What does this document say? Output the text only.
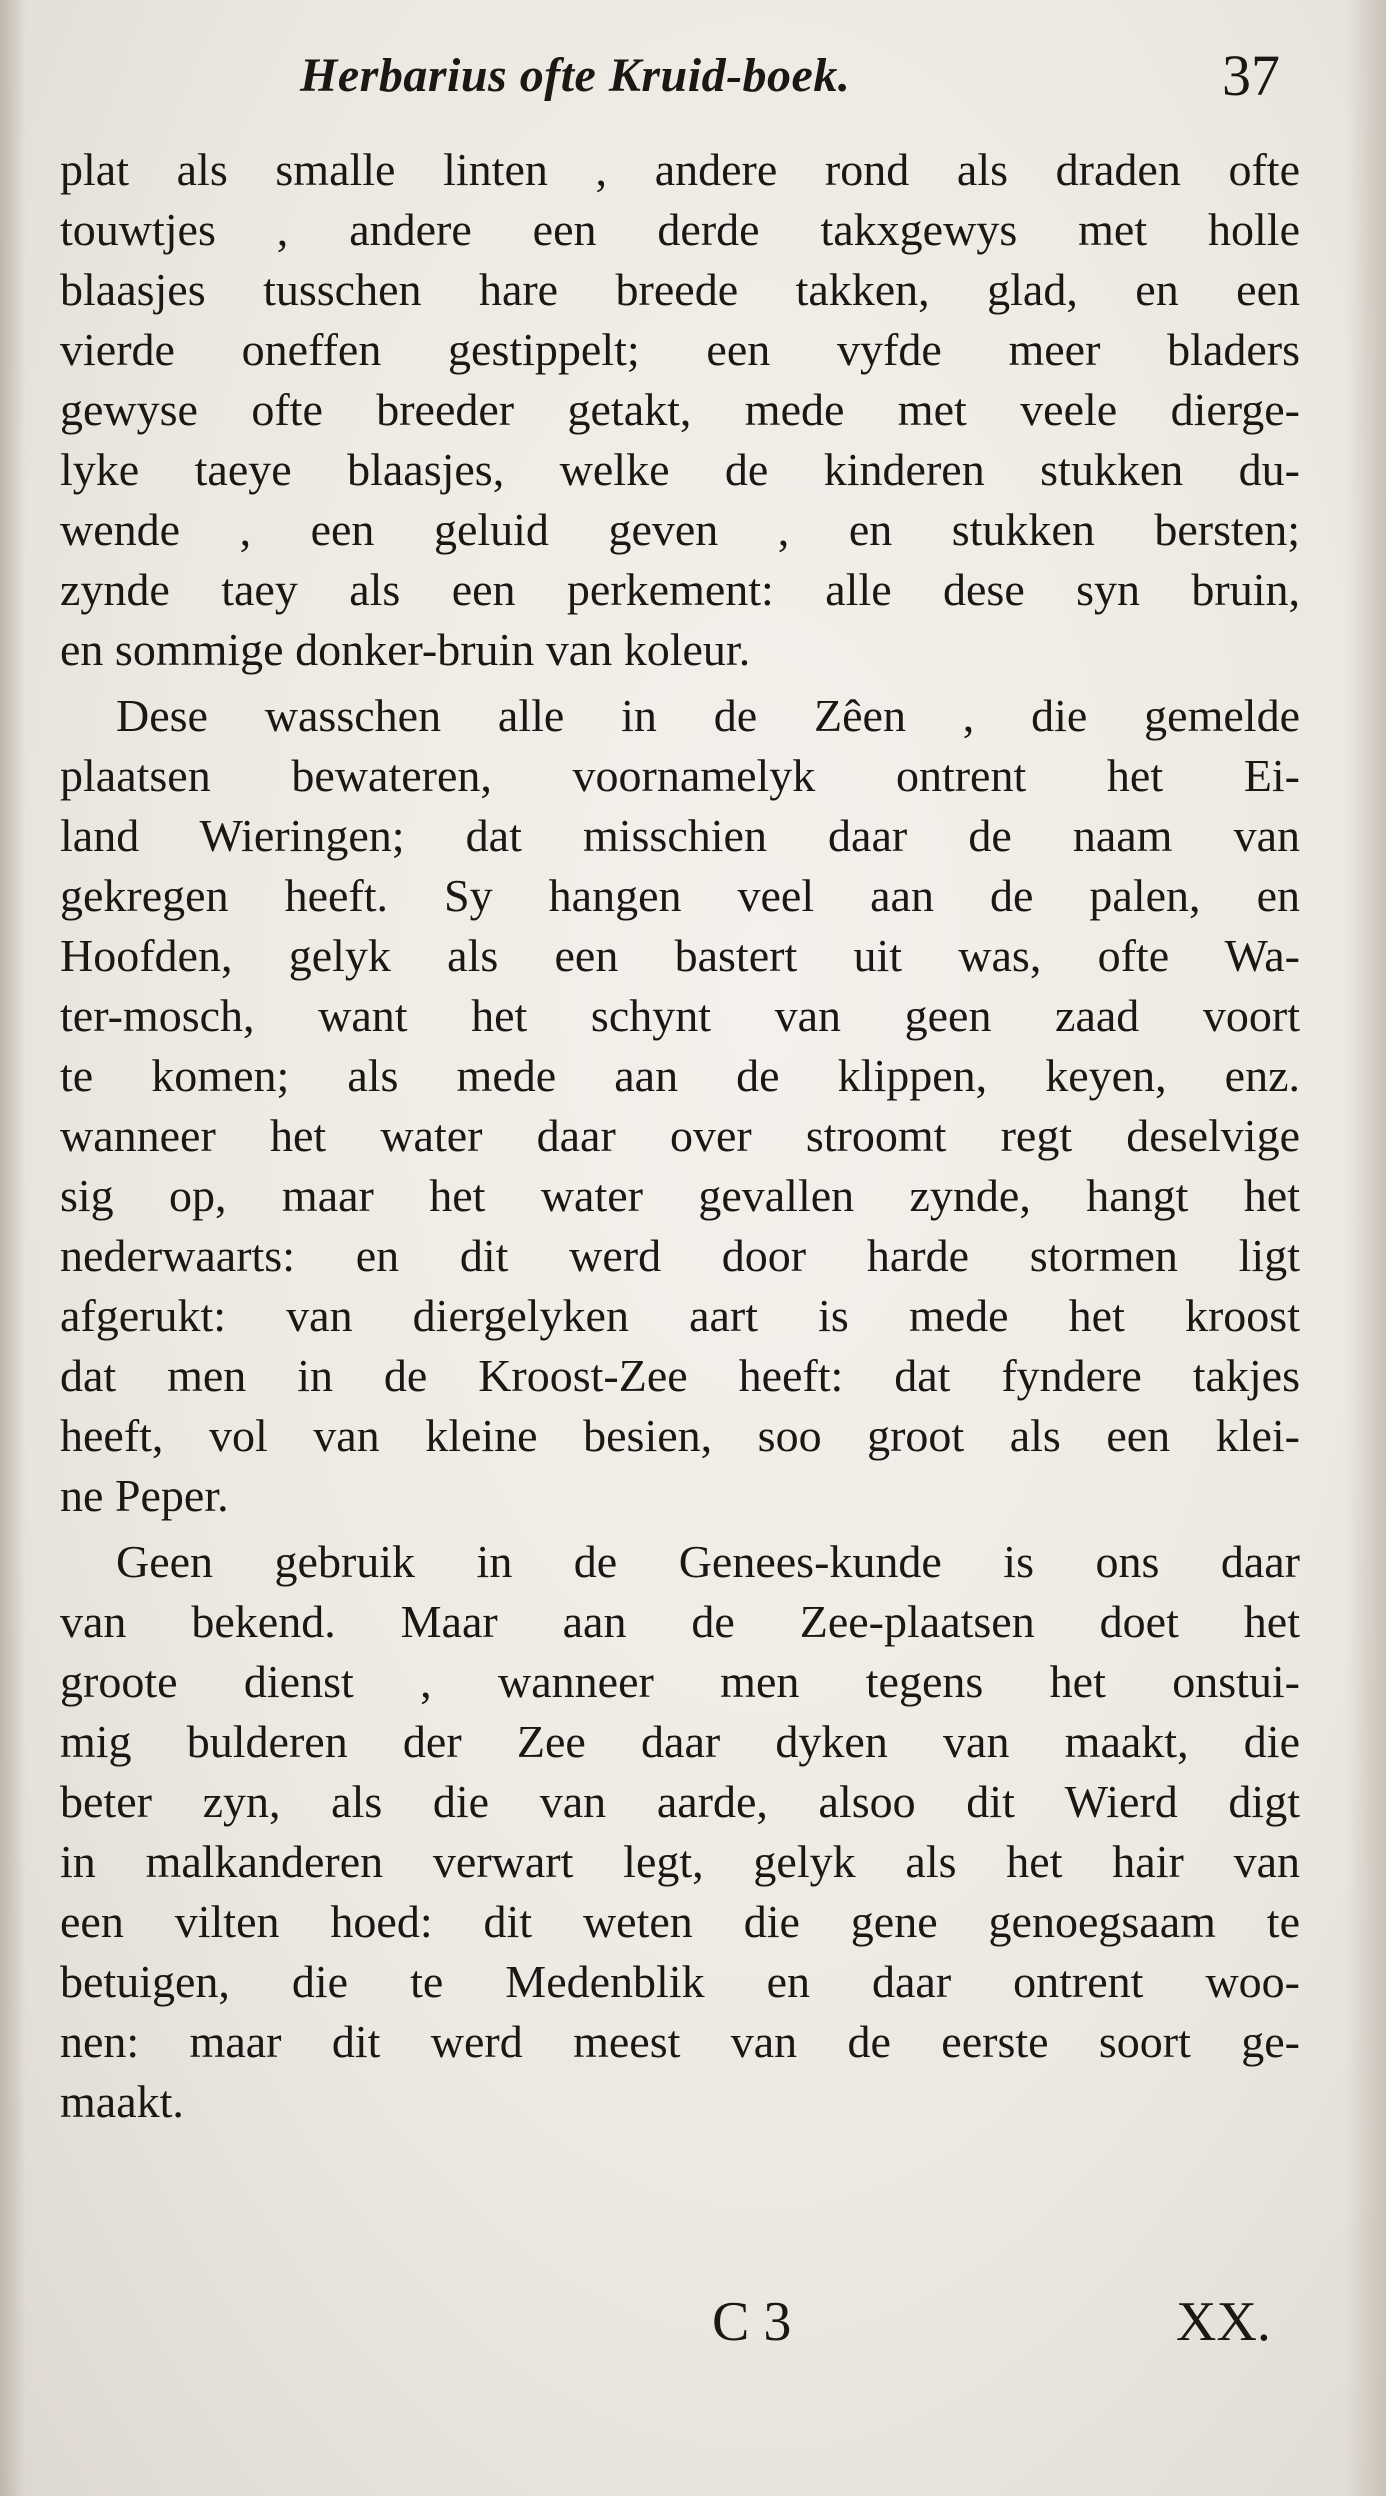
Herbarius ofte Kruid-boek.	37
plat als smalle linten , andere rond als draden ofte
touwtjes , andere een derde takxgewys met holle
blaasjes tusschen hare breede takken, glad, en een
vierde oneffen gestippelt; een vyfde meer bladers
gewyse ofte breeder getakt, mede met veele dierge-
lyke taeye blaasjes, welke de kinderen stukken du-
wende , een geluid geven , en stukken bersten;
zynde taey als een perkement: alle dese syn bruin,
en sommige donker-bruin van koleur.
Dese wasschen alle in de Zêen , die gemelde
plaatsen bewateren, voornamelyk ontrent het Ei-
land Wieringen; dat misschien daar de naam van
gekregen heeft. Sy hangen veel aan de palen, en
Hoofden, gelyk als een bastert uit was, ofte Wa-
ter-mosch, want het schynt van geen zaad voort
te komen; als mede aan de klippen, keyen, enz.
wanneer het water daar over stroomt regt deselvige
sig op, maar het water gevallen zynde, hangt het
nederwaarts: en dit werd door harde stormen ligt
afgerukt: van diergelyken aart is mede het kroost
dat men in de Kroost-Zee heeft: dat fyndere takjes
heeft, vol van kleine besien, soo groot als een klei-
ne Peper.
Geen gebruik in de Genees-kunde is ons daar
van bekend. Maar aan de Zee-plaatsen doet het
groote dienst , wanneer men tegens het onstui-
mig bulderen der Zee daar dyken van maakt, die
beter zyn, als die van aarde, alsoo dit Wierd digt
in malkanderen verwart legt, gelyk als het hair van
een vilten hoed: dit weten die gene genoegsaam te
betuigen, die te Medenblik en daar ontrent woo-
nen: maar dit werd meest van de eerste soort ge-
maakt.
C 3	XX.
